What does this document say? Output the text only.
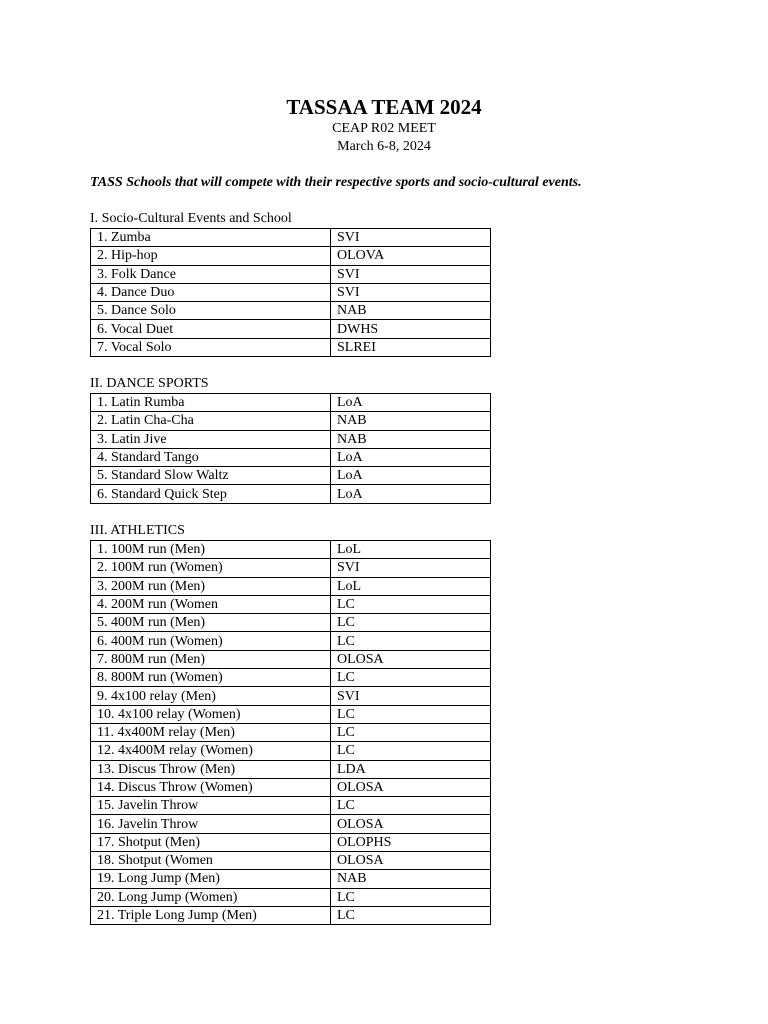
TASSAA TEAM 2024
CEAP R02 MEET
March 6-8, 2024
TASS Schools that will compete with their respective sports and socio-cultural events.
I. Socio-Cultural Events and School
1. Zumba	SVI
2. Hip-hop	OLOVA
3. Folk Dance	SVI
4. Dance Duo	SVI
5. Dance Solo	NAB
6. Vocal Duet	DWHS
7. Vocal Solo	SLREI
II. DANCE SPORTS
1. Latin Rumba	LoA
2. Latin Cha-Cha	NAB
3. Latin Jive	NAB
4. Standard Tango	LoA
5. Standard Slow Waltz	LoA
6. Standard Quick Step	LoA
III. ATHLETICS
1. 100M run (Men)	LoL
2. 100M run (Women)	SVI
3. 200M run (Men)	LoL
4. 200M run (Women	LC
5. 400M run (Men)	LC
6. 400M run (Women)	LC
7. 800M run (Men)	OLOSA
8. 800M run (Women)	LC
9. 4x100 relay (Men)	SVI
10. 4x100 relay (Women)	LC
11. 4x400M relay (Men)	LC
12. 4x400M relay (Women)	LC
13. Discus Throw (Men)	LDA
14. Discus Throw (Women)	OLOSA
15. Javelin Throw	LC
16. Javelin Throw	OLOSA
17. Shotput (Men)	OLOPHS
18. Shotput (Women	OLOSA
19. Long Jump (Men)	NAB
20. Long Jump (Women)	LC
21. Triple Long Jump (Men)	LC
